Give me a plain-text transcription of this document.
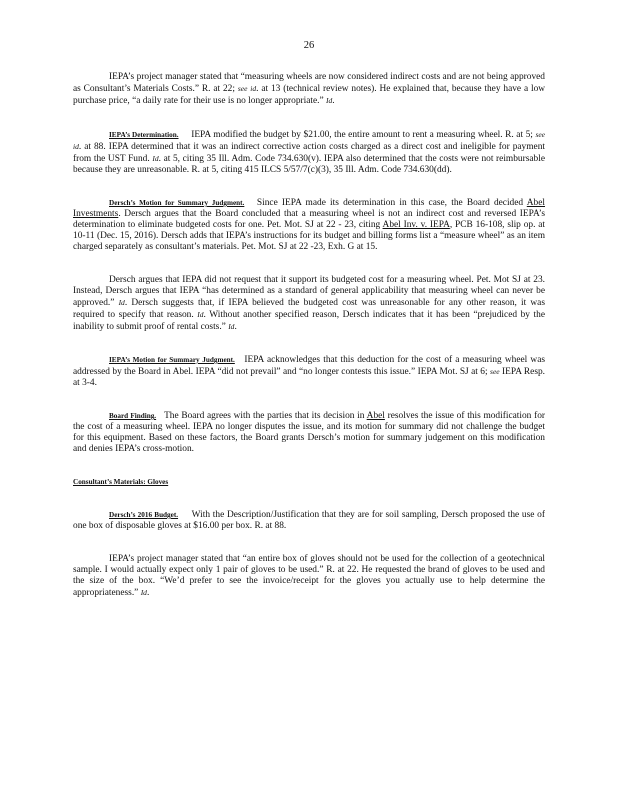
26

IEPA’s project manager stated that “measuring wheels are now considered indirect costs and are not being approved as Consultant’s Materials Costs.” R. at 22; see id. at 13 (technical review notes). He explained that, because they have a low purchase price, “a daily rate for their use is no longer appropriate.” Id.

IEPA’s Determination. IEPA modified the budget by $21.00, the entire amount to rent a measuring wheel. R. at 5; see id. at 88. IEPA determined that it was an indirect corrective action costs charged as a direct cost and ineligible for payment from the UST Fund. Id. at 5, citing 35 Ill. Adm. Code 734.630(v). IEPA also determined that the costs were not reimbursable because they are unreasonable. R. at 5, citing 415 ILCS 5/57/7(c)(3), 35 Ill. Adm. Code 734.630(dd).

Dersch’s Motion for Summary Judgment. Since IEPA made its determination in this case, the Board decided Abel Investments. Dersch argues that the Board concluded that a measuring wheel is not an indirect cost and reversed IEPA’s determination to eliminate budgeted costs for one. Pet. Mot. SJ at 22 - 23, citing Abel Inv. v. IEPA, PCB 16-108, slip op. at 10-11 (Dec. 15, 2016). Dersch adds that IEPA’s instructions for its budget and billing forms list a “measure wheel” as an item charged separately as consultant’s materials. Pet. Mot. SJ at 22 -23, Exh. G at 15.

Dersch argues that IEPA did not request that it support its budgeted cost for a measuring wheel. Pet. Mot SJ at 23. Instead, Dersch argues that IEPA “has determined as a standard of general applicability that measuring wheel can never be approved.” Id. Dersch suggests that, if IEPA believed the budgeted cost was unreasonable for any other reason, it was required to specify that reason. Id. Without another specified reason, Dersch indicates that it has been “prejudiced by the inability to submit proof of rental costs.” Id.

IEPA’s Motion for Summary Judgment. IEPA acknowledges that this deduction for the cost of a measuring wheel was addressed by the Board in Abel. IEPA “did not prevail” and “no longer contests this issue.” IEPA Mot. SJ at 6; see IEPA Resp. at 3-4.

Board Finding. The Board agrees with the parties that its decision in Abel resolves the issue of this modification for the cost of a measuring wheel. IEPA no longer disputes the issue, and its motion for summary did not challenge the budget for this equipment. Based on these factors, the Board grants Dersch’s motion for summary judgement on this modification and denies IEPA’s cross-motion.

Consultant’s Materials: Gloves

Dersch’s 2016 Budget. With the Description/Justification that they are for soil sampling, Dersch proposed the use of one box of disposable gloves at $16.00 per box. R. at 88.

IEPA’s project manager stated that “an entire box of gloves should not be used for the collection of a geotechnical sample. I would actually expect only 1 pair of gloves to be used.” R. at 22. He requested the brand of gloves to be used and the size of the box. “We’d prefer to see the invoice/receipt for the gloves you actually use to help determine the appropriateness.” Id.
